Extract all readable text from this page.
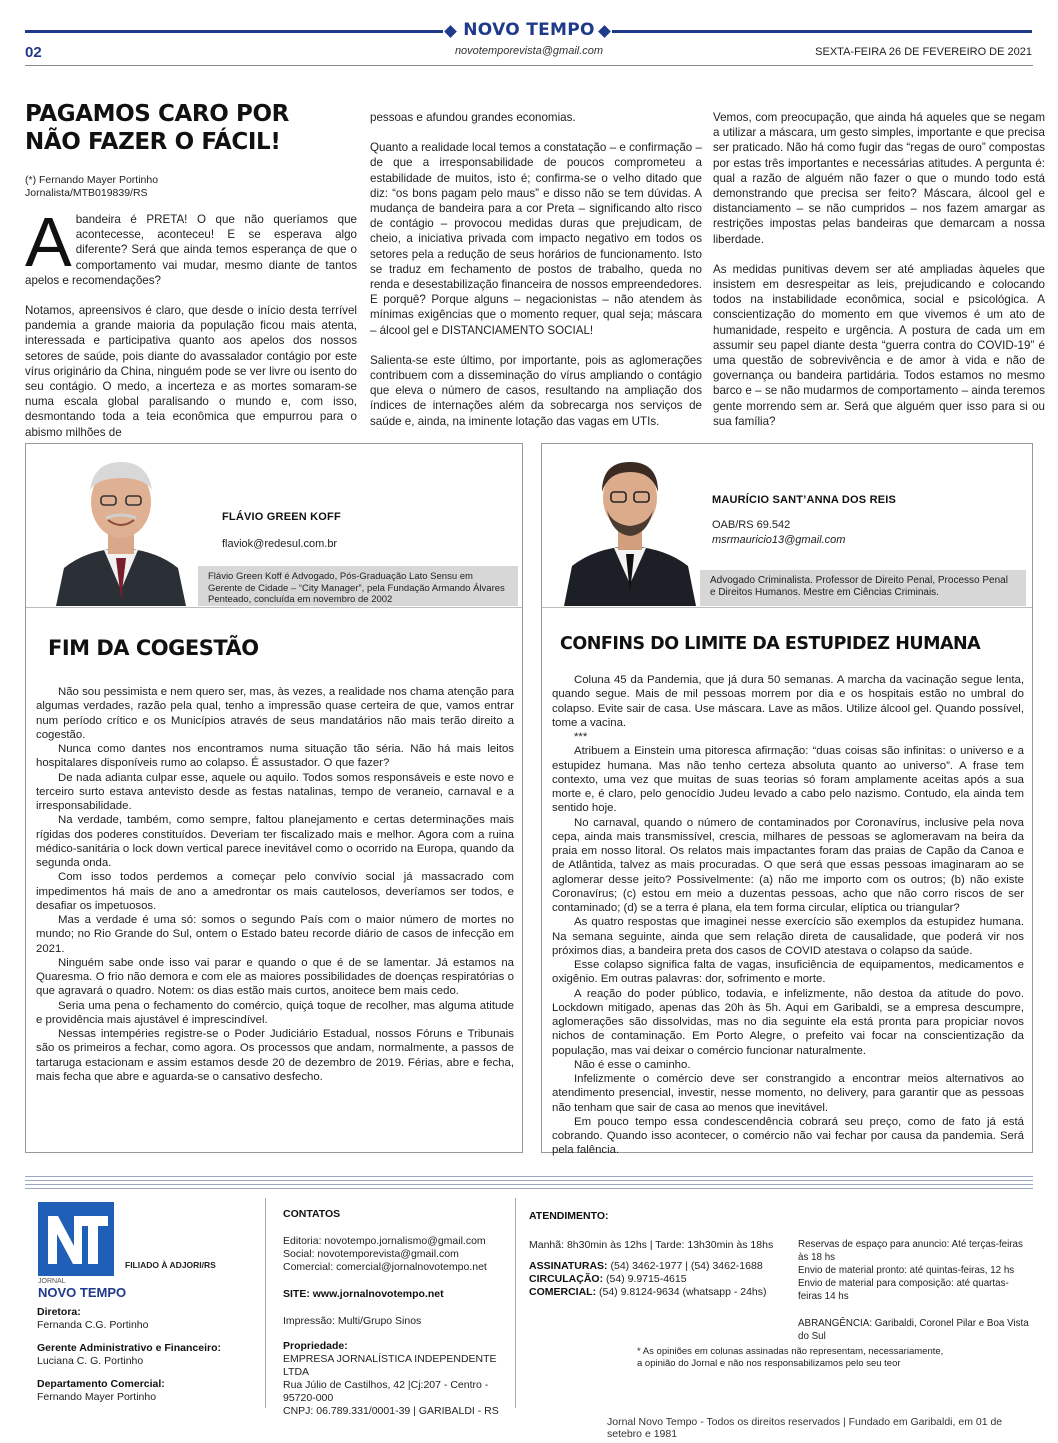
NOVO TEMPO
novotemporevista@gmail.com
02	SEXTA-FEIRA 26 DE FEVEREIRO DE 2021
PAGAMOS CARO POR
NÃO FAZER O FÁCIL!
(*) Fernando Mayer Portinho
Jornalista/MTB019839/RS

A bandeira é PRETA! O que não queríamos que acontecesse, aconteceu! E se esperava algo diferente? Será que ainda temos esperança de que o comportamento vai mudar, mesmo diante de tantos apelos e recomendações?

Notamos, apreensivos é claro, que desde o início desta terrível pandemia a grande maioria da população ficou mais atenta, interessada e participativa quanto aos apelos dos nossos setores de saúde, pois diante do avassalador contágio por este vírus originário da China, ninguém pode se ver livre ou isento do seu contágio. O medo, a incerteza e as mortes somaram-se numa escala global paralisando o mundo e, com isso, desmontando toda a teia econômica que empurrou para o abismo milhões de

pessoas e afundou grandes economias.

Quanto a realidade local temos a constatação – e confirmação – de que a irresponsabilidade de poucos comprometeu a estabilidade de muitos, isto é; confirma-se o velho ditado que diz: “os bons pagam pelo maus” e disso não se tem dúvidas. A mudança de bandeira para a cor Preta – significando alto risco de contágio – provocou medidas duras que prejudicam, de cheio, a iniciativa privada com impacto negativo em todos os setores pela a redução de seus horários de funcionamento. Isto se traduz em fechamento de postos de trabalho, queda no renda e desestabilização financeira de nossos empreendedores. E porquê? Porque alguns – negacionistas – não atendem às mínimas exigências que o momento requer, qual seja; máscara – álcool gel e DISTANCIAMENTO SOCIAL!

Salienta-se este último, por importante, pois as aglomerações contribuem com a disseminação do vírus ampliando o contágio que eleva o número de casos, resultando na ampliação dos índices de internações além da sobrecarga nos serviços de saúde e, ainda, na iminente lotação das vagas em UTIs.

Vemos, com preocupação, que ainda há aqueles que se negam a utilizar a máscara, um gesto simples, importante e que precisa ser praticado. Não há como fugir das “regas de ouro” compostas por estas três importantes e necessárias atitudes. A pergunta é: qual a razão de alguém não fazer o que o mundo todo está demonstrando que precisa ser feito? Máscara, álcool gel e distanciamento – se não cumpridos – nos fazem amargar as restrições impostas pelas bandeiras que demarcam a nossa liberdade.

As medidas punitivas devem ser até ampliadas àqueles que insistem em desrespeitar as leis, prejudicando e colocando todos na instabilidade econômica, social e psicológica. A conscientização do momento em que vivemos é um ato de humanidade, respeito e urgência. A postura de cada um em assumir seu papel diante desta “guerra contra do COVID-19” é uma questão de sobrevivência e de amor à vida e não de governança ou bandeira partidária. Todos estamos no mesmo barco e – se não mudarmos de comportamento – ainda teremos gente morrendo sem ar. Será que alguém quer isso para si ou sua família?

FLÁVIO GREEN KOFF
flaviok@redesul.com.br
Flávio Green Koff é Advogado, Pós-Graduação Lato Sensu em Gerente de Cidade – “City Manager”, pela Fundação Armando Álvares Penteado, concluída em novembro de 2002
FIM DA COGESTÃO

Não sou pessimista e nem quero ser, mas, às vezes, a realidade nos chama atenção para algumas verdades, razão pela qual, tenho a impressão quase certeira de que, vamos entrar num período crítico e os Municípios através de seus mandatários não mais terão direito a cogestão.

Nunca como dantes nos encontramos numa situação tão séria. Não há mais leitos hospitalares disponíveis rumo ao colapso. É assustador. O que fazer?

De nada adianta culpar esse, aquele ou aquilo. Todos somos responsáveis e este novo e terceiro surto estava antevisto desde as festas natalinas, tempo de veraneio, carnaval e a irresponsabilidade.

Na verdade, também, como sempre, faltou planejamento e certas determinações mais rígidas dos poderes constituídos. Deveriam ter fiscalizado mais e melhor. Agora com a ruina médico-sanitária o lock down vertical parece inevitável como o ocorrido na Europa, quando da segunda onda.

Com isso todos perdemos a começar pelo convívio social já massacrado com impedimentos há mais de ano a amedrontar os mais cautelosos, deveríamos ser todos, e desafiar os impetuosos.

Mas a verdade é uma só: somos o segundo País com o maior número de mortes no mundo; no Rio Grande do Sul, ontem o Estado bateu recorde diário de casos de infecção em 2021.

Ninguém sabe onde isso vai parar e quando o que é de se lamentar. Já estamos na Quaresma. O frio não demora e com ele as maiores possibilidades de doenças respiratórias o que agravará o quadro. Notem: os dias estão mais curtos, anoitece bem mais cedo.

Seria uma pena o fechamento do comércio, quiçá toque de recolher, mas alguma atitude e providência mais ajustável é imprescindível.

Nessas intempéries registre-se o Poder Judiciário Estadual, nossos Fóruns e Tribunais são os primeiros a fechar, como agora. Os processos que andam, normalmente, a passos de tartaruga estacionam e assim estamos desde 20 de dezembro de 2019. Férias, abre e fecha, mais fecha que abre e aguarda-se o cansativo desfecho.

MAURÍCIO SANT’ANNA DOS REIS
OAB/RS 69.542
msrmauricio13@gmail.com
Advogado Criminalista. Professor de Direito Penal, Processo Penal e Direitos Humanos. Mestre em Ciências Criminais.
CONFINS DO LIMITE DA ESTUPIDEZ HUMANA

Coluna 45 da Pandemia, que já dura 50 semanas. A marcha da vacinação segue lenta, quando segue. Mais de mil pessoas morrem por dia e os hospitais estão no umbral do colapso. Evite sair de casa. Use máscara. Lave as mãos. Utilize álcool gel. Quando possível, tome a vacina.

***

Atribuem a Einstein uma pitoresca afirmação: “duas coisas são infinitas: o universo e a estupidez humana. Mas não tenho certeza absoluta quanto ao universo”. A frase tem contexto, uma vez que muitas de suas teorias só foram amplamente aceitas após a sua morte e, é claro, pelo genocídio Judeu levado a cabo pelo nazismo. Contudo, ela ainda tem sentido hoje.

No carnaval, quando o número de contaminados por Coronavírus, inclusive pela nova cepa, ainda mais transmissível, crescia, milhares de pessoas se aglomeravam na beira da praia em nosso litoral. Os relatos mais impactantes foram das praias de Capão da Canoa e de Atlântida, talvez as mais procuradas. O que será que essas pessoas imaginaram ao se aglomerar desse jeito? Possivelmente: (a) não me importo com os outros; (b) não existe Coronavírus; (c) estou em meio a duzentas pessoas, acho que não corro riscos de ser contaminado; (d) se a terra é plana, ela tem forma circular, elíptica ou triangular?

As quatro respostas que imaginei nesse exercício são exemplos da estupidez humana. Na semana seguinte, ainda que sem relação direta de causalidade, que poderá vir nos próximos dias, a bandeira preta dos casos de COVID atestava o colapso da saúde.

Esse colapso significa falta de vagas, insuficiência de equipamentos, medicamentos e oxigênio. Em outras palavras: dor, sofrimento e morte.

A reação do poder público, todavia, e infelizmente, não destoa da atitude do povo. Lockdown mitigado, apenas das 20h às 5h. Aqui em Garibaldi, se a empresa descumpre, aglomerações são dissolvidas, mas no dia seguinte ela está pronta para propiciar novos nichos de contaminação. Em Porto Alegre, o prefeito vai focar na conscientização da população, mas vai deixar o comércio funcionar naturalmente.

Não é esse o caminho.

Infelizmente o comércio deve ser constrangido a encontrar meios alternativos ao atendimento presencial, investir, nesse momento, no delivery, para garantir que as pessoas não tenham que sair de casa ao menos que inevitável.

Em pouco tempo essa condescendência cobrará seu preço, como de fato já está cobrando. Quando isso acontecer, o comércio não vai fechar por causa da pandemia. Será pela falência.

JORNAL
NOVO TEMPO
FILIADO À ADJORI/RS
Diretora:
Fernanda C.G. Portinho
Gerente Administrativo e Financeiro:
Luciana C. G. Portinho
Departamento Comercial:
Fernando Mayer Portinho
CONTATOS
Editoria: novotempo.jornalismo@gmail.com
Social: novotemporevista@gmail.com
Comercial: comercial@jornalnovotempo.net
SITE: www.jornalnovotempo.net
Impressão: Multi/Grupo Sinos
Propriedade:
EMPRESA JORNALÍSTICA INDEPENDENTE LTDA
Rua Júlio de Castilhos, 42 |Cj:207 - Centro - 95720-000
CNPJ: 06.789.331/0001-39 | GARIBALDI - RS
ATENDIMENTO:
Manhã: 8h30min às 12hs | Tarde: 13h30min às 18hs
ASSINATURAS: (54) 3462-1977 | (54) 3462-1688
CIRCULAÇÃO: (54) 9.9715-4615
COMERCIAL: (54) 9.8124-9634 (whatsapp - 24hs)
Reservas de espaço para anuncio: Até terças-feiras às 18 hs
Envio de material pronto: até quintas-feiras, 12 hs
Envio de material para composição: até quartas-feiras 14 hs
ABRANGÊNCIA: Garibaldi, Coronel Pilar e Boa Vista do Sul
* As opiniões em colunas assinadas não representam, necessariamente,
a opinião do Jornal e não nos responsabilizamos pelo seu teor
Jornal Novo Tempo - Todos os direitos reservados | Fundado em Garibaldi, em 01 de setebro e 1981
